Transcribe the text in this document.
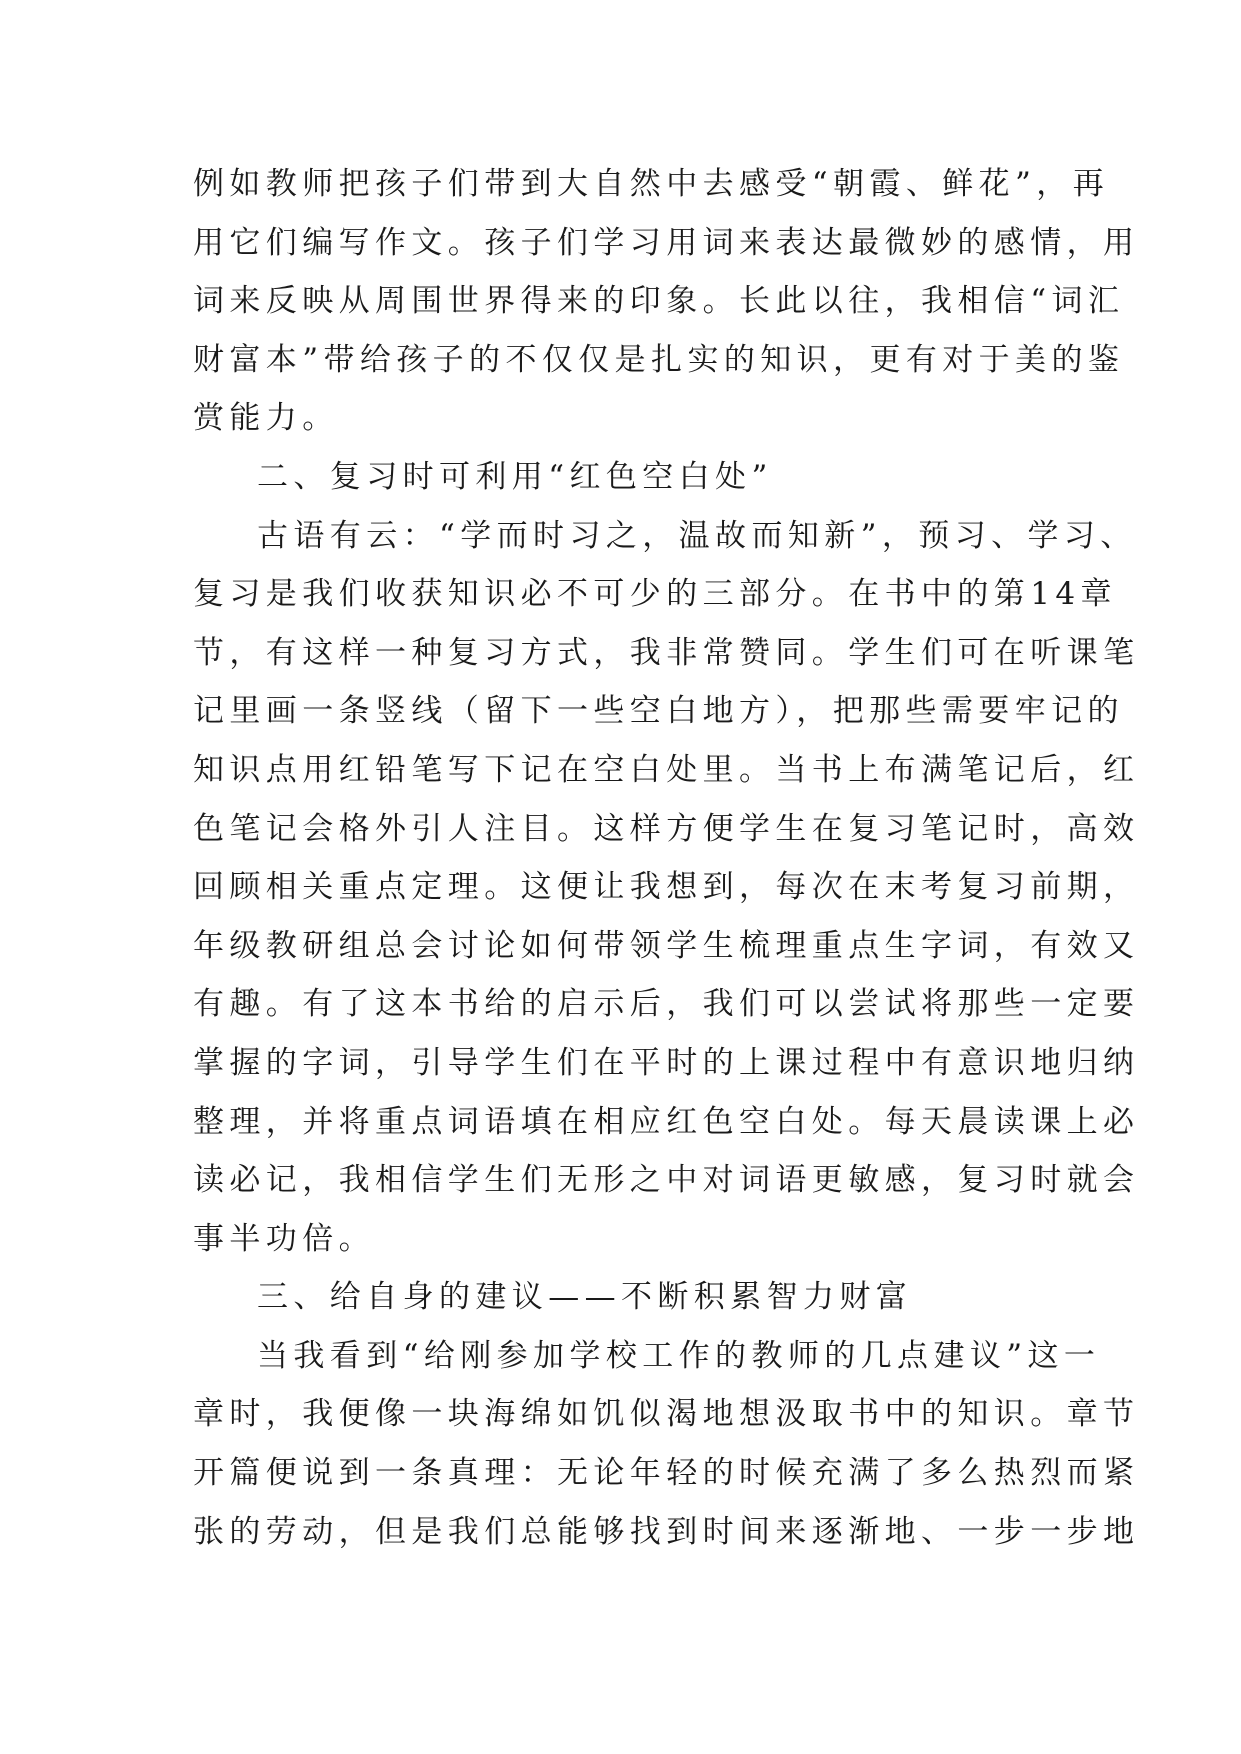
例如教师把孩子们带到大自然中去感受“朝霞、鲜花”，再
用它们编写作文。孩子们学习用词来表达最微妙的感情，用
词来反映从周围世界得来的印象。长此以往，我相信“词汇
财富本”带给孩子的不仅仅是扎实的知识，更有对于美的鉴
赏能力。
二、复习时可利用“红色空白处”
古语有云：“学而时习之，温故而知新”，预习、学习、
复习是我们收获知识必不可少的三部分。在书中的第14章
节，有这样一种复习方式，我非常赞同。学生们可在听课笔
记里画一条竖线（留下一些空白地方），把那些需要牢记的
知识点用红铅笔写下记在空白处里。当书上布满笔记后，红
色笔记会格外引人注目。这样方便学生在复习笔记时，高效
回顾相关重点定理。这便让我想到，每次在末考复习前期，
年级教研组总会讨论如何带领学生梳理重点生字词，有效又
有趣。有了这本书给的启示后，我们可以尝试将那些一定要
掌握的字词，引导学生们在平时的上课过程中有意识地归纳
整理，并将重点词语填在相应红色空白处。每天晨读课上必
读必记，我相信学生们无形之中对词语更敏感，复习时就会
事半功倍。
三、给自身的建议——不断积累智力财富
当我看到“给刚参加学校工作的教师的几点建议”这一
章时，我便像一块海绵如饥似渴地想汲取书中的知识。章节
开篇便说到一条真理：无论年轻的时候充满了多么热烈而紧
张的劳动，但是我们总能够找到时间来逐渐地、一步一步地
